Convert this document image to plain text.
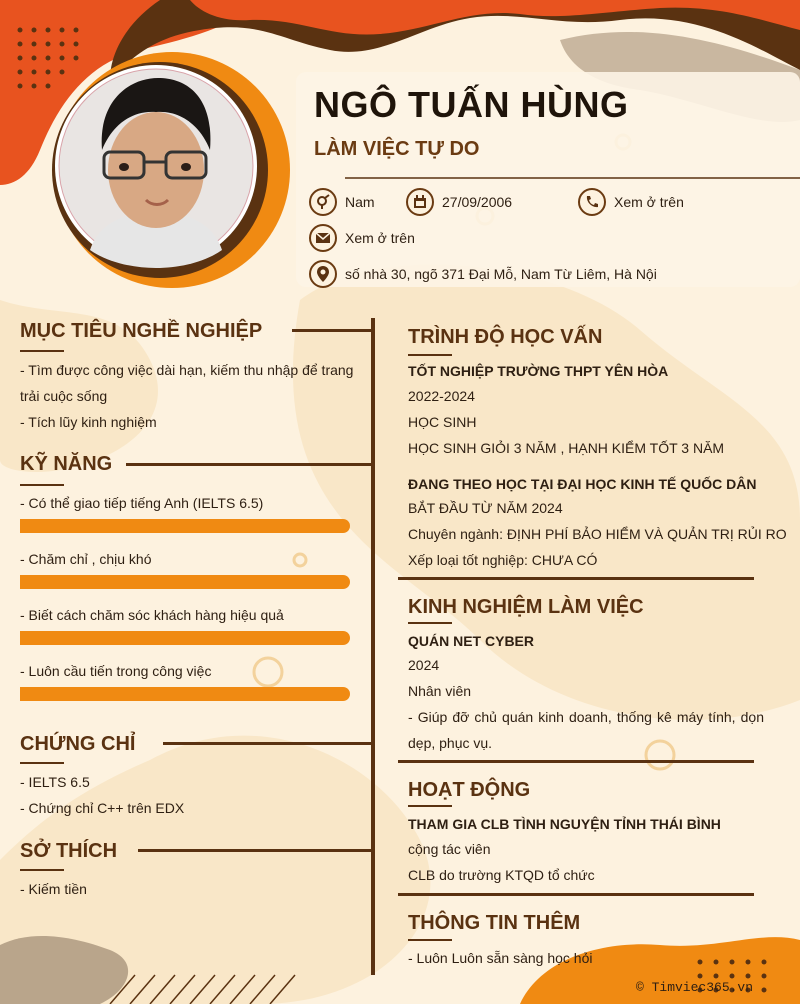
NGÔ TUẤN HÙNG
LÀM VIỆC TỰ DO
Nam	27/09/2006	Xem ở trên
Xem ở trên
số nhà 30, ngõ 371 Đại Mỗ, Nam Từ Liêm, Hà Nội
MỤC TIÊU NGHỀ NGHIỆP
- Tìm được công việc dài hạn, kiếm thu nhập để trang
trải cuộc sống
- Tích lũy kinh nghiệm
KỸ NĂNG
- Có thể giao tiếp tiếng Anh (IELTS 6.5)
- Chăm chỉ , chịu khó
- Biết cách chăm sóc khách hàng hiệu quả
- Luôn cầu tiến trong công việc
CHỨNG CHỈ
- IELTS 6.5
- Chứng chỉ C++ trên EDX
SỞ THÍCH
- Kiếm tiền
TRÌNH ĐỘ HỌC VẤN
TỐT NGHIỆP TRƯỜNG THPT YÊN HÒA
2022-2024
HỌC SINH
HỌC SINH GIỎI 3 NĂM , HẠNH KIỂM TỐT 3 NĂM
ĐANG THEO HỌC TẠI ĐẠI HỌC KINH TẾ QUỐC DÂN
BẮT ĐẦU TỪ NĂM 2024
Chuyên ngành: ĐỊNH PHÍ BẢO HIỂM VÀ QUẢN TRỊ RỦI RO
Xếp loại tốt nghiệp: CHƯA CÓ
KINH NGHIỆM LÀM VIỆC
QUÁN NET CYBER
2024
Nhân viên
- Giúp đỡ chủ quán kinh doanh, thống kê máy tính, dọn
dẹp, phục vụ.
HOẠT ĐỘNG
THAM GIA CLB TÌNH NGUYỆN TỈNH THÁI BÌNH
cộng tác viên
CLB do trường KTQD tổ chức
THÔNG TIN THÊM
- Luôn Luôn sẵn sàng học hỏi
© Timviec365.vn
